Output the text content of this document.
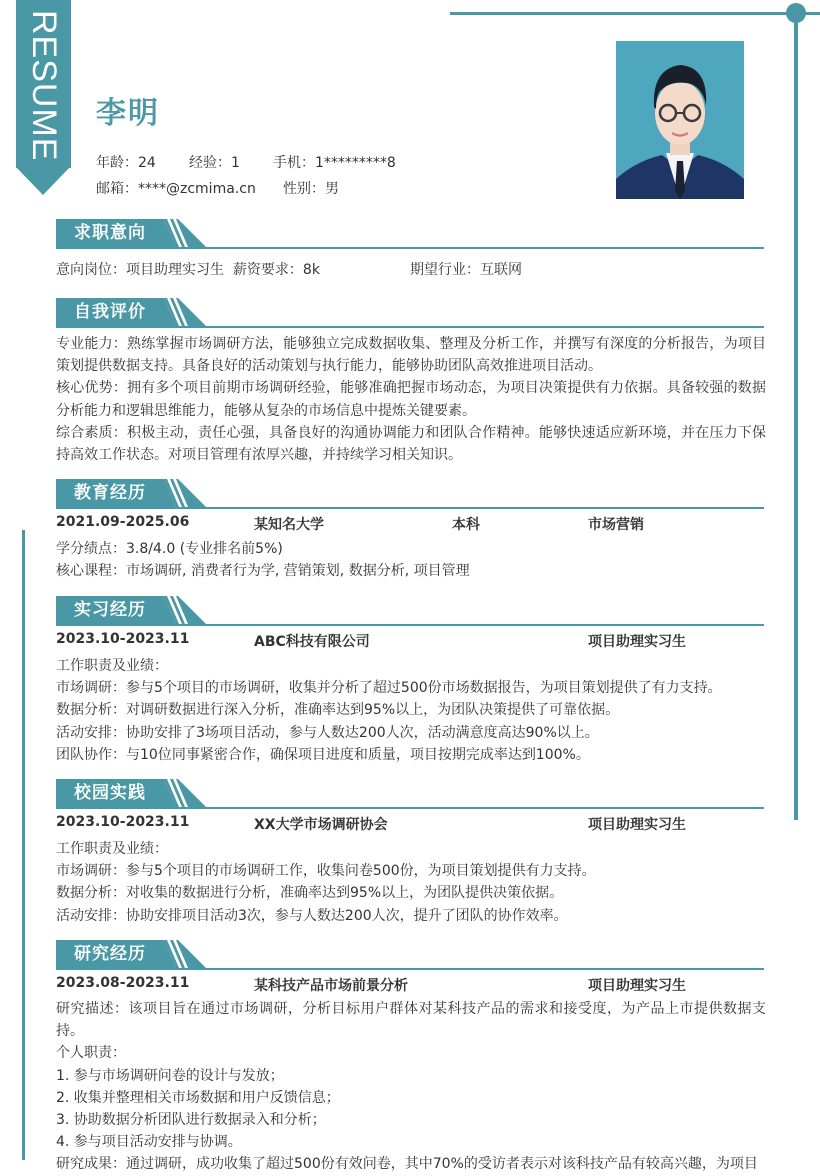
RESUME 李明
年龄：24 经验：1 手机：1*********8
邮箱：****@zcmima.cn 性别：男
求职意向
意向岗位：项目助理实习生 薪资要求：8k	期望行业：互联网
自我评价
专业能力：熟练掌握市场调研方法，能够独立完成数据收集、整理及分析工作，并撰写有深度的分析报告，为项目策划提供数据支持。具备良好的活动策划与执行能力，能够协助团队高效推进项目活动。
核心优势：拥有多个项目前期市场调研经验，能够准确把握市场动态，为项目决策提供有力依据。具备较强的数据分析能力和逻辑思维能力，能够从复杂的市场信息中提炼关键要素。
综合素质：积极主动，责任心强，具备良好的沟通协调能力和团队合作精神。能够快速适应新环境，并在压力下保持高效工作状态。对项目管理有浓厚兴趣，并持续学习相关知识。
教育经历
2021.09-2025.06	某知名大学	本科	市场营销
学分绩点：3.8/4.0 (专业排名前5%)
核心课程：市场调研, 消费者行为学, 营销策划, 数据分析, 项目管理
实习经历
2023.10-2023.11	ABC科技有限公司	项目助理实习生
工作职责及业绩：
市场调研：参与5个项目的市场调研，收集并分析了超过500份市场数据报告，为项目策划提供了有力支持。
数据分析：对调研数据进行深入分析，准确率达到95%以上，为团队决策提供了可靠依据。
活动安排：协助安排了3场项目活动，参与人数达200人次，活动满意度高达90%以上。
团队协作：与10位同事紧密合作，确保项目进度和质量，项目按期完成率达到100%。
校园实践
2023.10-2023.11	XX大学市场调研协会	项目助理实习生
工作职责及业绩：
市场调研：参与5个项目的市场调研工作，收集问卷500份，为项目策划提供有力支持。
数据分析：对收集的数据进行分析，准确率达到95%以上，为团队提供决策依据。
活动安排：协助安排项目活动3次，参与人数达200人次，提升了团队的协作效率。
研究经历
2023.08-2023.11	某科技产品市场前景分析	项目助理实习生
研究描述：该项目旨在通过市场调研，分析目标用户群体对某科技产品的需求和接受度，为产品上市提供数据支持。
个人职责：
1. 参与市场调研问卷的设计与发放；
2. 收集并整理相关市场数据和用户反馈信息；
3. 协助数据分析团队进行数据录入和分析；
4. 参与项目活动安排与协调。
研究成果：通过调研，成功收集了超过500份有效问卷，其中70%的受访者表示对该科技产品有较高兴趣，为项目
